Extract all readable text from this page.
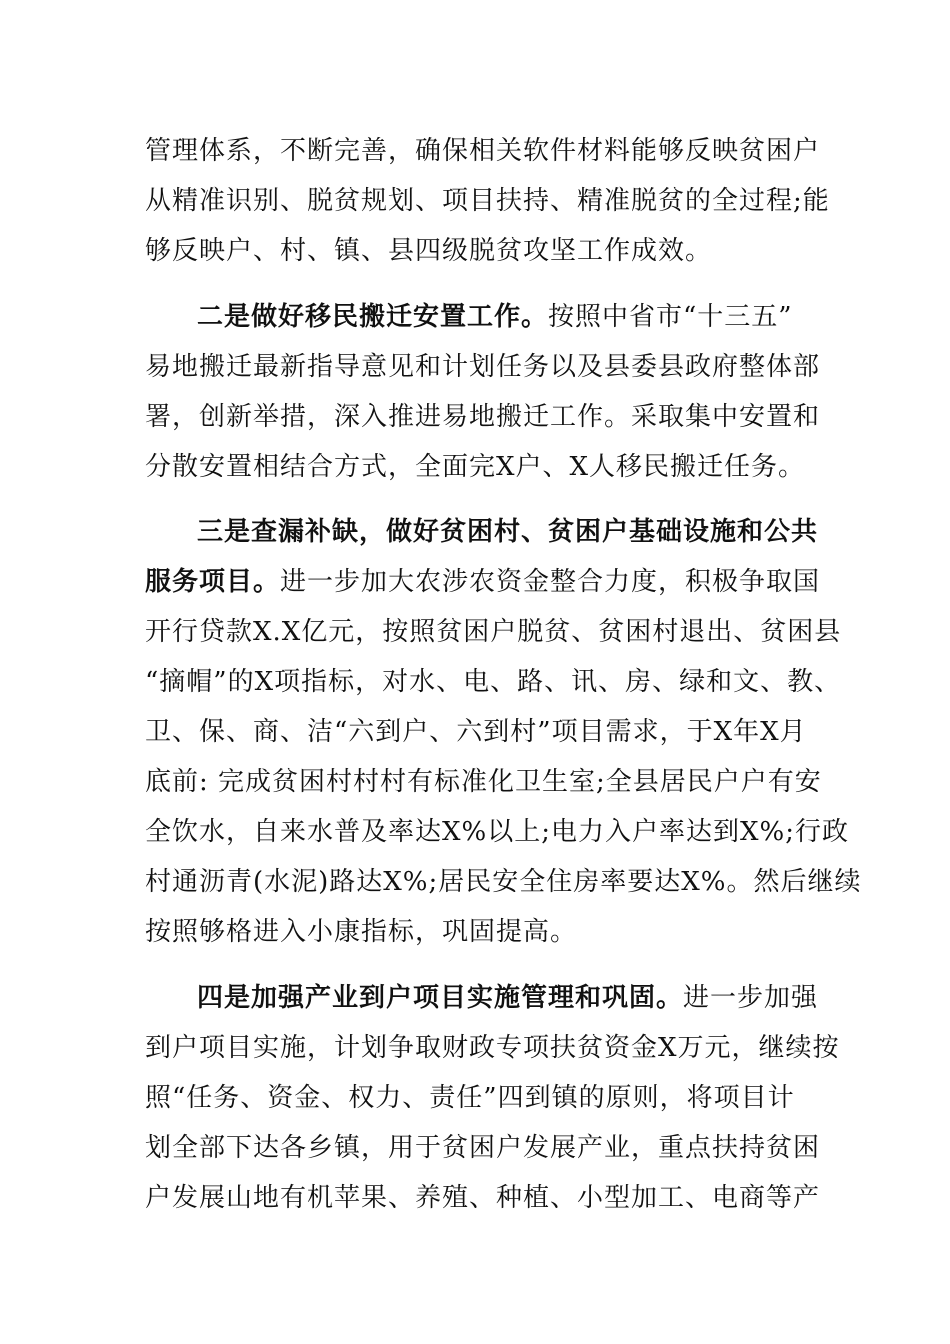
管理体系，不断完善，确保相关软件材料能够反映贫困户
从精准识别、脱贫规划、项目扶持、精准脱贫的全过程;能
够反映户、村、镇、县四级脱贫攻坚工作成效。
二是做好移民搬迁安置工作。按照中省市“十三五”
易地搬迁最新指导意见和计划任务以及县委县政府整体部
署，创新举措，深入推进易地搬迁工作。采取集中安置和
分散安置相结合方式，全面完X户、X人移民搬迁任务。
三是查漏补缺，做好贫困村、贫困户基础设施和公共
服务项目。进一步加大农涉农资金整合力度，积极争取国
开行贷款X.X亿元，按照贫困户脱贫、贫困村退出、贫困县
“摘帽”的X项指标，对水、电、路、讯、房、绿和文、教、
卫、保、商、洁“六到户、六到村”项目需求，于X年X月
底前: 完成贫困村村村有标准化卫生室;全县居民户户有安
全饮水，自来水普及率达X%以上;电力入户率达到X%;行政
村通沥青(水泥)路达X%;居民安全住房率要达X%。然后继续
按照够格进入小康指标，巩固提高。
四是加强产业到户项目实施管理和巩固。进一步加强
到户项目实施，计划争取财政专项扶贫资金X万元，继续按
照“任务、资金、权力、责任”四到镇的原则，将项目计
划全部下达各乡镇，用于贫困户发展产业，重点扶持贫困
户发展山地有机苹果、养殖、种植、小型加工、电商等产
